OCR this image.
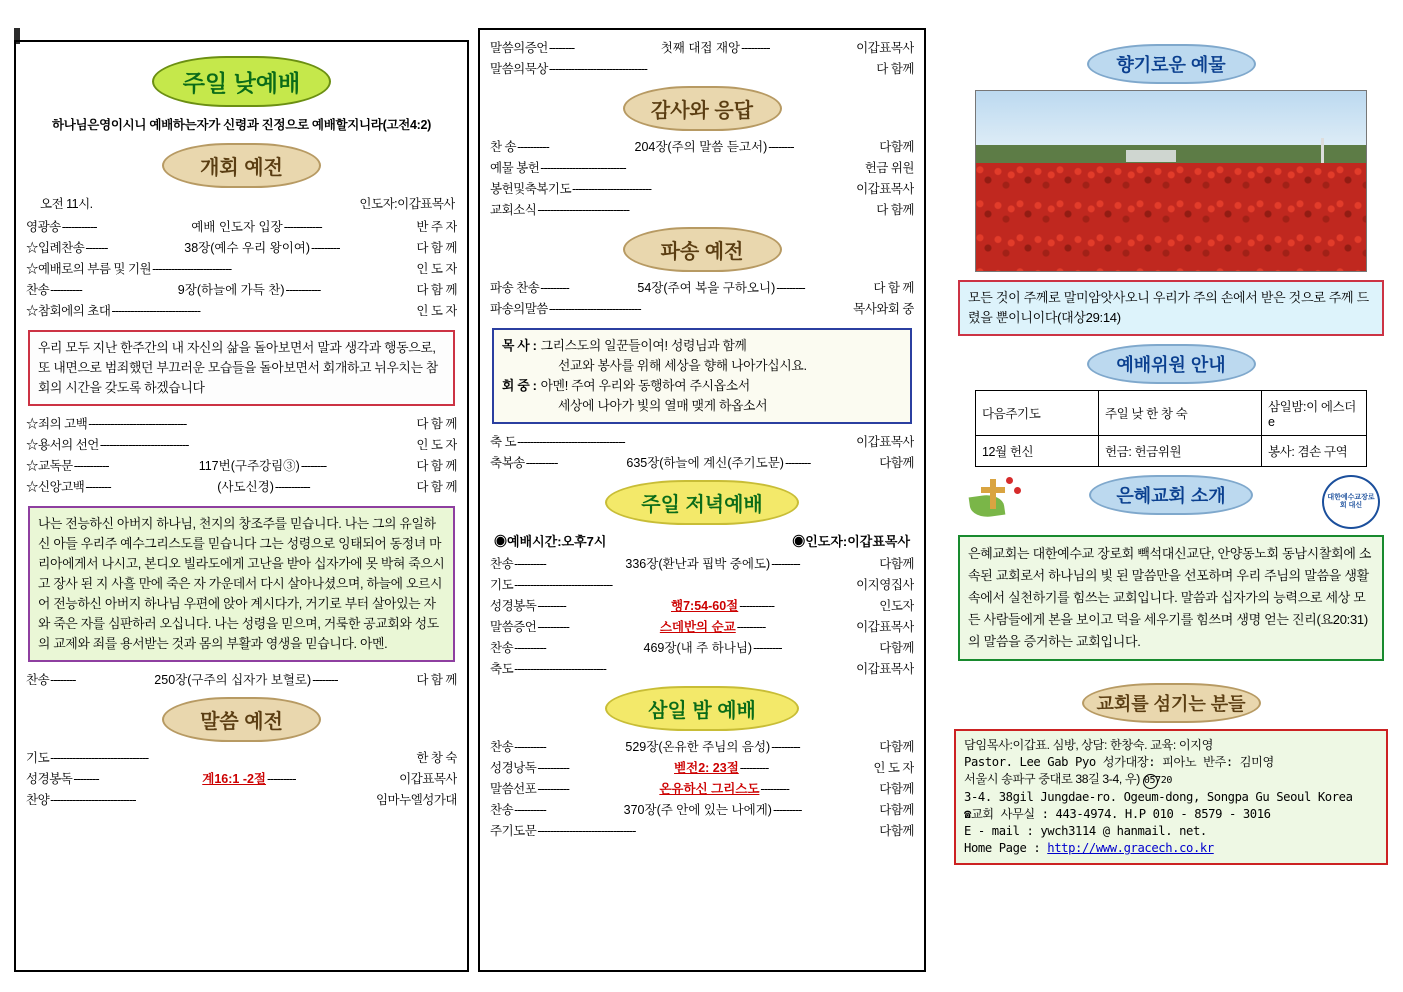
주일 낮예배
하나님은영이시니 예배하는자가 신령과 진정으로 예배할지니라(고전4:2)
개회 예전
오전 11시.	인도자:이갑표목사
영광송 -----------	예배 인도자 입장 ------------	반 주 자
☆입례찬송 -------	38장(예수 우리 왕이여) ---------	다 함 께
☆예배로의 부름 및 기원 -------------------------	인 도 자
찬송 ----------	9장(하늘에 가득 찬) -----------	다 함 께
☆참회에의 초대 ----------------------------	인 도 자
우리 모두 지난 한주간의 내 자신의 삶을 돌아보면서 말과 생각과 행동으로, 또 내면으로 범죄했던 부끄러운 모습들을 돌아보면서 회개하고 뉘우치는 참회의 시간을 갖도록 하겠습니다
☆죄의 고백 -------------------------------	다 함 께
☆용서의 선언 ----------------------------	인 도 자
☆교독문 -----------	117번(구주강림③) --------	다 함 께
☆신앙고백 --------	(사도신경) -----------	다 함 께
나는 전능하신 아버지 하나님, 천지의 창조주를 믿습니다. 나는 그의 유일하신 아들 우리주 예수그리스도를 믿습니다 그는 성령으로 잉태되어 동정녀 마리아에게서 나시고, 본디오 빌라도에게 고난을 받아 십자가에 못 박혀 죽으시고 장사 된 지 사흘 만에 죽은 자 가운데서 다시 살아나셨으며, 하늘에 오르시어 전능하신 아버지 하나님 우편에 앉아 계시다가, 거기로 부터 살아있는 자와 죽은 자를 심판하러 오십니다. 나는 성령을 믿으며, 거룩한 공교회와 성도의 교제와 죄를 용서받는 것과 몸의 부활과 영생을 믿습니다. 아멘.
찬송 --------	250장(구주의 십자가 보혈로) --------	다 함 께
말씀 예전
기도 -------------------------------	한 창 숙
성경봉독 --------	계16:1 -2절 ---------	이갑표목사
찬양 ---------------------------	임마누엘성가대
말씀의증언 --------	첫째 대접 재앙 ---------	이갑표목사
말씀의묵상 -------------------------------	다 함께
감사와 응답
찬 송 ----------	204장(주의 말씀 듣고서) --------	다함께
예물 봉헌 ---------------------------	헌금 위원
봉헌및축복기도 -------------------------	이갑표목사
교회소식 -----------------------------	다 함께
파송 예전
파송 찬송 ---------	54장(주여 복을 구하오니) ---------	다 함 께
파송의말씀 -----------------------------	목사와회 중
목 사 : 그리스도의 일꾼들이여! 성령님과 함께
선교와 봉사를 위해 세상을 향해 나아가십시요.
회 중 : 아멘! 주여 우리와 동행하여 주시옵소서
세상에 나아가 빛의 열매 맺게 하옵소서
축 도 ----------------------------------	이갑표목사
축복송 ----------	635장(하늘에 계신(주기도문) --------	다함께
주일 저녁예배
◉예배시간:오후7시	◉인도자:이갑표목사
찬송 ----------	336장(환난과 핍박 중에도) ---------	다함께
기도 -------------------------------	이지영집사
성경봉독 ---------	행7:54-60절 -----------	인도자
말씀증언 ----------	스데반의 순교 ---------	이갑표목사
찬송 ----------	469장(내 주 하나님) ---------	다함께
축도 -----------------------------	이갑표목사
삼일 밤 예배
찬송 ----------	529장(온유한 주님의 음성) ---------	다함께
성경낭독 ----------	벧전2: 23절 ---------	인 도 자
말씀선포 ----------	온유하신 그리스도 ---------	다함께
찬송 ----------	370장(주 안에 있는 나에게) ---------	다함께
주기도문 -------------------------------	다함께
향기로운 예물
모든 것이 주께로 말미암앗사오니 우리가 주의 손에서 받은 것으로 주께 드렸을 뿐이니이다(대상29:14)
예배위원 안내
다음주기도	주일 낮 한 창 숙	삼일밤:이 에스더e
12월 헌신	헌금: 헌금위원	봉사: 겸손 구역
은혜교회 소개	대한예수교장로회 대신
은혜교회는 대한예수교 장로회 빽석대신교단, 안양동노회 동남시찰회에 소속된 교회로서 하나님의 빛 된 말씀만을 선포하며 우리 주님의 말씀을 생활 속에서 실천하기를 힘쓰는 교회입니다. 말씀과 십자가의 능력으로 세상 모든 사람들에게 본을 보이고 덕을 세우기를 힘쓰며 생명 얻는 진리(요20:31)의 말씀을 증거하는 교회입니다.
교회를 섬기는 분들
담임목사:이갑표. 심방, 상담: 한창숙. 교육: 이지영
Pastor. Lee Gab Pyo 성가대장: 피아노 반주: 김미영
서울시 송파구 중대로 38길 3-4, 우) 05720
3-4. 38gil Jungdae-ro. Ogeum-dong, Songpa Gu Seoul Korea
☎교회 사무실 : 443-4974. H.P 010 - 8579 - 3016
E - mail : ywch3114 @ hanmail. net.
Home Page : http://www.gracech.co.kr
